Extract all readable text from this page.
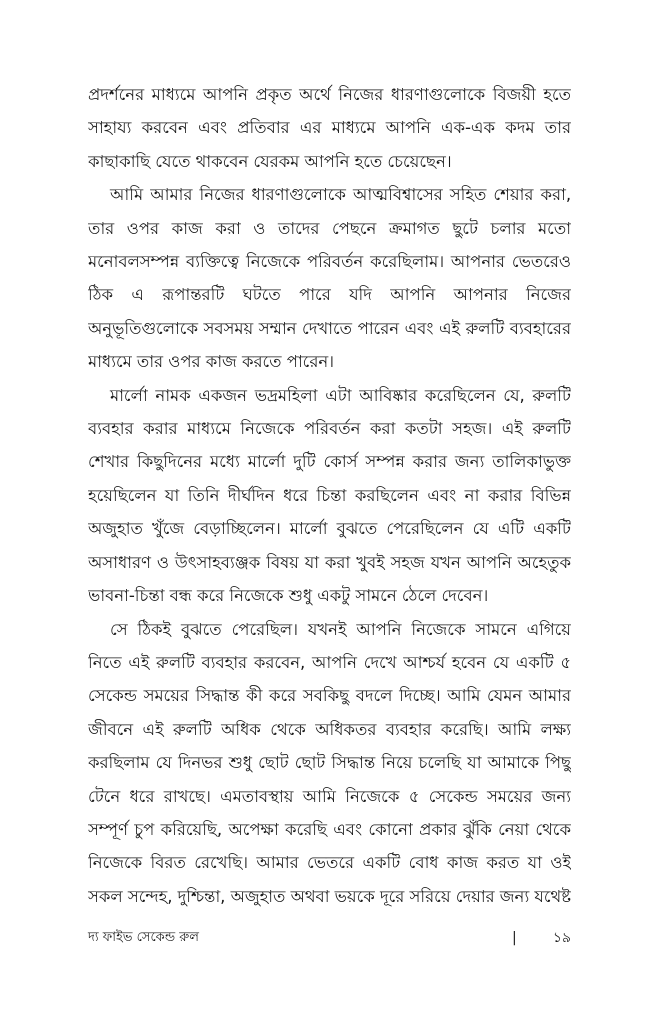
প্রদর্শনের মাধ্যমে আপনি প্রকৃত অর্থে নিজের ধারণাগুলোকে বিজয়ী হতে সাহায্য করবেন এবং প্রতিবার এর মাধ্যমে আপনি এক-এক কদম তার কাছাকাছি যেতে থাকবেন যেরকম আপনি হতে চেয়েছেন।

আমি আমার নিজের ধারণাগুলোকে আত্মবিশ্বাসের সহিত শেয়ার করা, তার ওপর কাজ করা ও তাদের পেছনে ক্রমাগত ছুটে চলার মতো মনোবলসম্পন্ন ব্যক্তিত্বে নিজেকে পরিবর্তন করেছিলাম। আপনার ভেতরেও ঠিক এ রূপান্তরটি ঘটতে পারে যদি আপনি আপনার নিজের অনুভূতিগুলোকে সবসময় সম্মান দেখাতে পারেন এবং এই রুলটি ব্যবহারের মাধ্যমে তার ওপর কাজ করতে পারেন।

মার্লো নামক একজন ভদ্রমহিলা এটা আবিষ্কার করেছিলেন যে, রুলটি ব্যবহার করার মাধ্যমে নিজেকে পরিবর্তন করা কতটা সহজ। এই রুলটি শেখার কিছুদিনের মধ্যে মার্লো দুটি কোর্স সম্পন্ন করার জন্য তালিকাভুক্ত হয়েছিলেন যা তিনি দীর্ঘদিন ধরে চিন্তা করছিলেন এবং না করার বিভিন্ন অজুহাত খুঁজে বেড়াচ্ছিলেন। মার্লো বুঝতে পেরেছিলেন যে এটি একটি অসাধারণ ও উৎসাহব্যঞ্জক বিষয় যা করা খুবই সহজ যখন আপনি অহেতুক ভাবনা-চিন্তা বন্ধ করে নিজেকে শুধু একটু সামনে ঠেলে দেবেন।

সে ঠিকই বুঝতে পেরেছিল। যখনই আপনি নিজেকে সামনে এগিয়ে নিতে এই রুলটি ব্যবহার করবেন, আপনি দেখে আশ্চর্য হবেন যে একটি ৫ সেকেন্ড সময়ের সিদ্ধান্ত কী করে সবকিছু বদলে দিচ্ছে। আমি যেমন আমার জীবনে এই রুলটি অধিক থেকে অধিকতর ব্যবহার করেছি। আমি লক্ষ্য করছিলাম যে দিনভর শুধু ছোট ছোট সিদ্ধান্ত নিয়ে চলেছি যা আমাকে পিছু টেনে ধরে রাখছে। এমতাবস্থায় আমি নিজেকে ৫ সেকেন্ড সময়ের জন্য সম্পূর্ণ চুপ করিয়েছি, অপেক্ষা করেছি এবং কোনো প্রকার ঝুঁকি নেয়া থেকে নিজেকে বিরত রেখেছি। আমার ভেতরে একটি বোধ কাজ করত যা ওই সকল সন্দেহ, দুশ্চিন্তা, অজুহাত অথবা ভয়কে দূরে সরিয়ে দেয়ার জন্য যথেষ্ট

দ্য ফাইভ সেকেন্ড রুল	|	১৯
